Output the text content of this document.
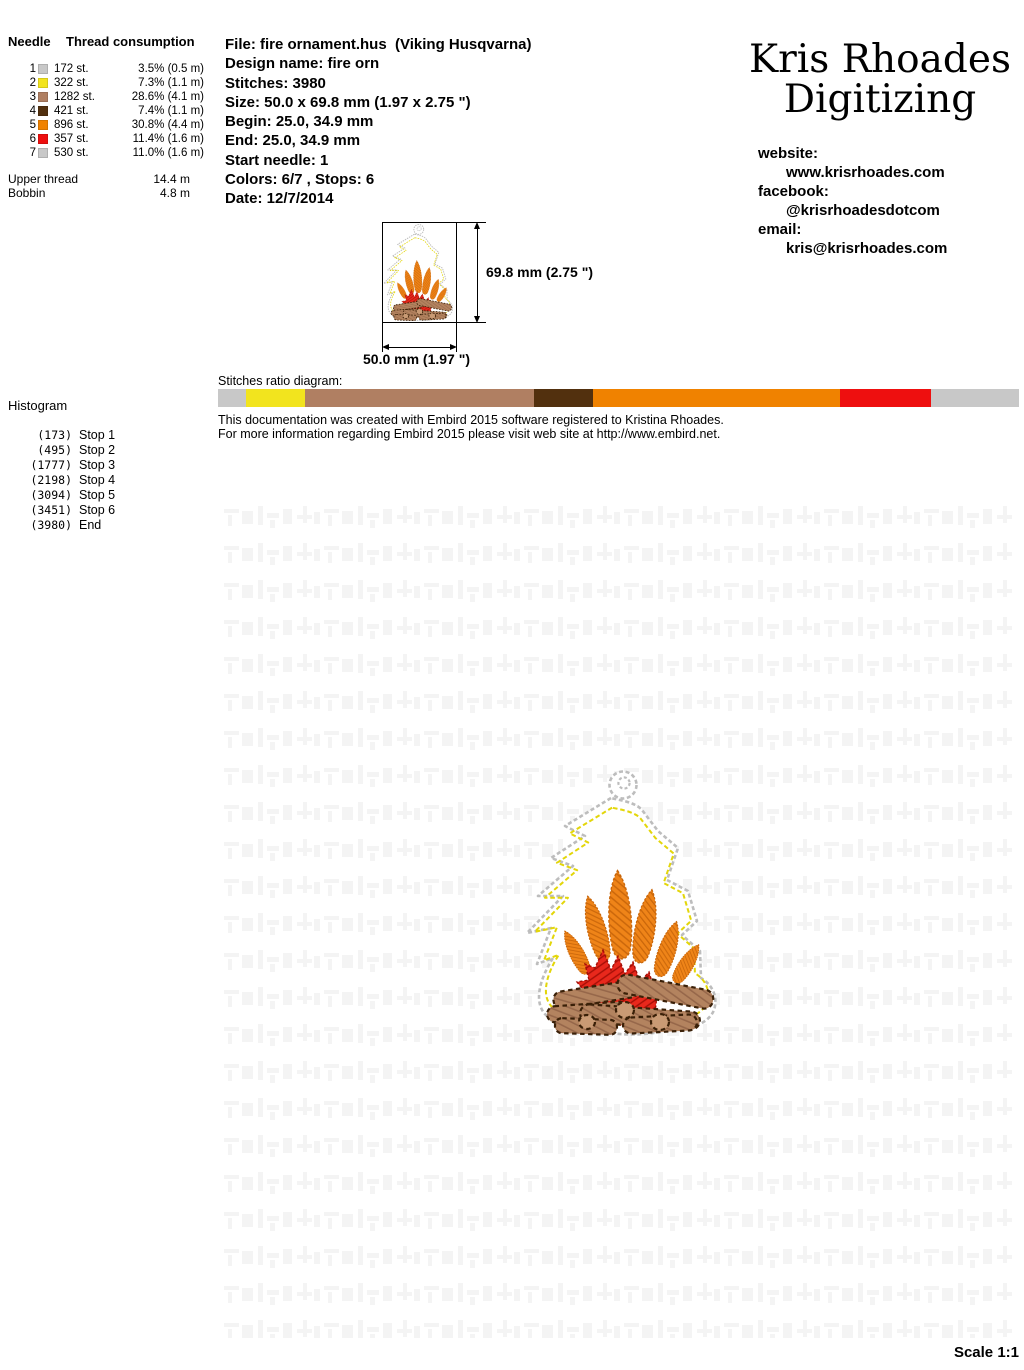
Needle	Thread consumption
1 172 st.	3.5% (0.5 m)
2 322 st.	7.3% (1.1 m)
3 1282 st.	28.6% (4.1 m)
4 421 st.	7.4% (1.1 m)
5 896 st.	30.8% (4.4 m)
6 357 st.	11.4% (1.6 m)
7 530 st.	11.0% (1.6 m)
Upper thread	14.4 m
Bobbin	4.8 m
File: fire ornament.hus  (Viking Husqvarna)
Design name: fire orn
Stitches: 3980
Size: 50.0 x 69.8 mm (1.97 x 2.75 ")
Begin: 25.0, 34.9 mm
End: 25.0, 34.9 mm
Start needle: 1
Colors: 6/7 , Stops: 6
Date: 12/7/2014
Kris Rhoades
Digitizing
website:
www.krisrhoades.com
facebook:
@krisrhoadesdotcom
email:
kris@krisrhoades.com
69.8 mm (2.75 ")
50.0 mm (1.97 ")
Stitches ratio diagram:
This documentation was created with Embird 2015 software registered to Kristina Rhoades.
For more information regarding Embird 2015 please visit web site at http://www.embird.net.
Histogram
(173) Stop 1
(495) Stop 2
(1777) Stop 3
(2198) Stop 4
(3094) Stop 5
(3451) Stop 6
(3980) End
Scale 1:1
